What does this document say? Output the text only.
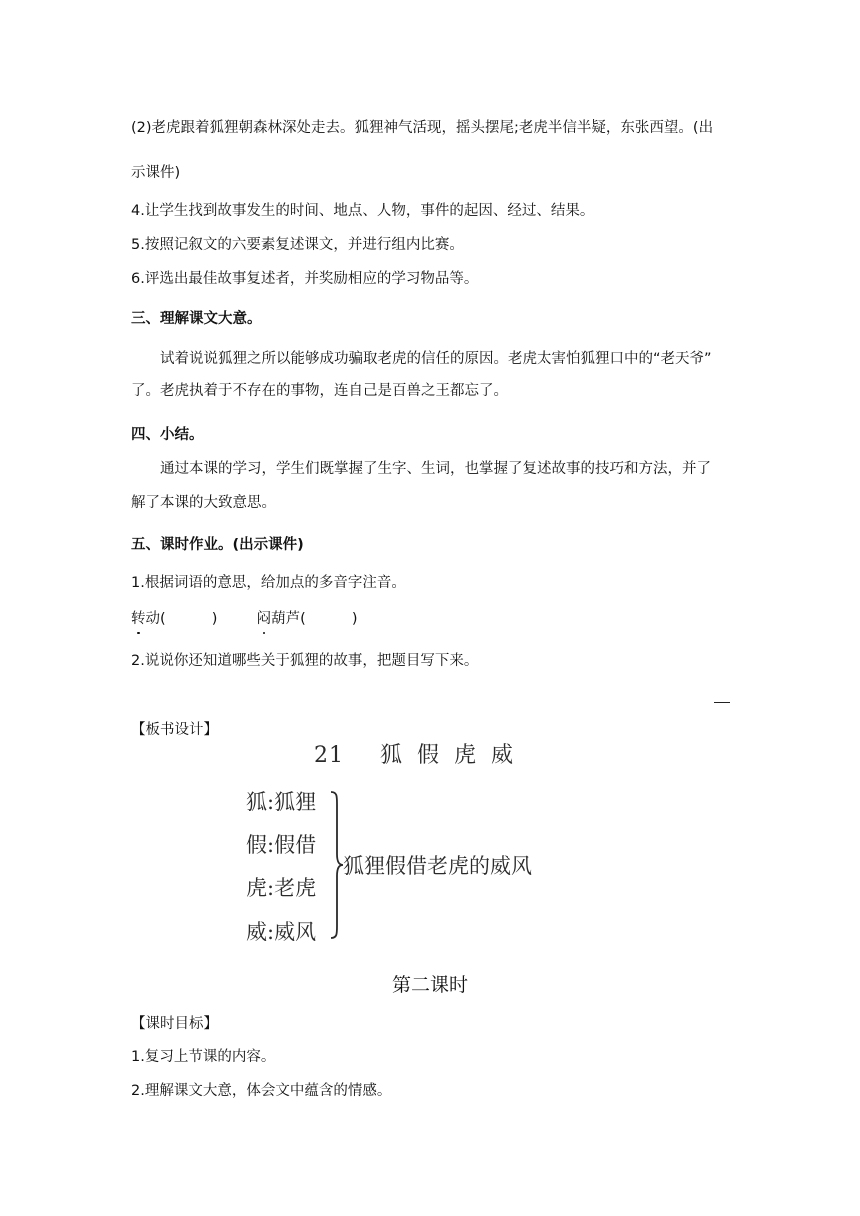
(2)老虎跟着狐狸朝森林深处走去。狐狸神气活现，摇头摆尾;老虎半信半疑，东张西望。(出
示课件)
4.让学生找到故事发生的时间、地点、人物，事件的起因、经过、结果。
5.按照记叙文的六要素复述课文，并进行组内比赛。
6.评选出最佳故事复述者，并奖励相应的学习物品等。
三、理解课文大意。
试着说说狐狸之所以能够成功骗取老虎的信任的原因。老虎太害怕狐狸口中的“老天爷”
了。老虎执着于不存在的事物，连自己是百兽之王都忘了。
四、小结。
通过本课的学习，学生们既掌握了生字、生词，也掌握了复述故事的技巧和方法，并了
解了本课的大致意思。
五、课时作业。(出示课件)
1.根据词语的意思，给加点的多音字注音。
转动(          )	闷葫芦(          )
2.说说你还知道哪些关于狐狸的故事，把题目写下来。
【板书设计】
21 狐 假 虎 威
狐:狐狸
假:假借
虎:老虎
威:威风
狐狸假借老虎的威风
第二课时
【课时目标】
1.复习上节课的内容。
2.理解课文大意，体会文中蕴含的情感。
